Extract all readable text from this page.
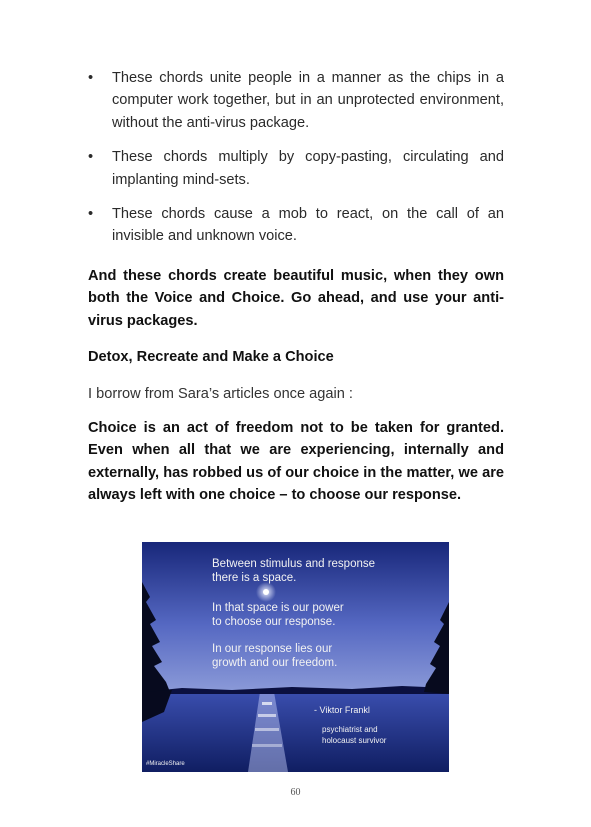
• These chords unite people in a manner as the chips in a computer work together, but in an unprotected environment, without the anti-virus package.
• These chords multiply by copy-pasting, circulating and implanting mind-sets.
• These chords cause a mob to react, on the call of an invisible and unknown voice.

And these chords create beautiful music, when they own both the Voice and Choice. Go ahead, and use your anti-virus packages.

Detox, Recreate and Make a Choice

I borrow from Sara’s articles once again :

Choice is an act of freedom not to be taken for granted. Even when all that we are experiencing, internally and externally, has robbed us of our choice in the matter, we are always left with one choice – to choose our response.

Between stimulus and response
there is a space.
In that space is our power
to choose our response.
In our response lies our
growth and our freedom.
- Viktor Frankl
psychiatrist and
holocaust survivor
#MiracleShare
60
